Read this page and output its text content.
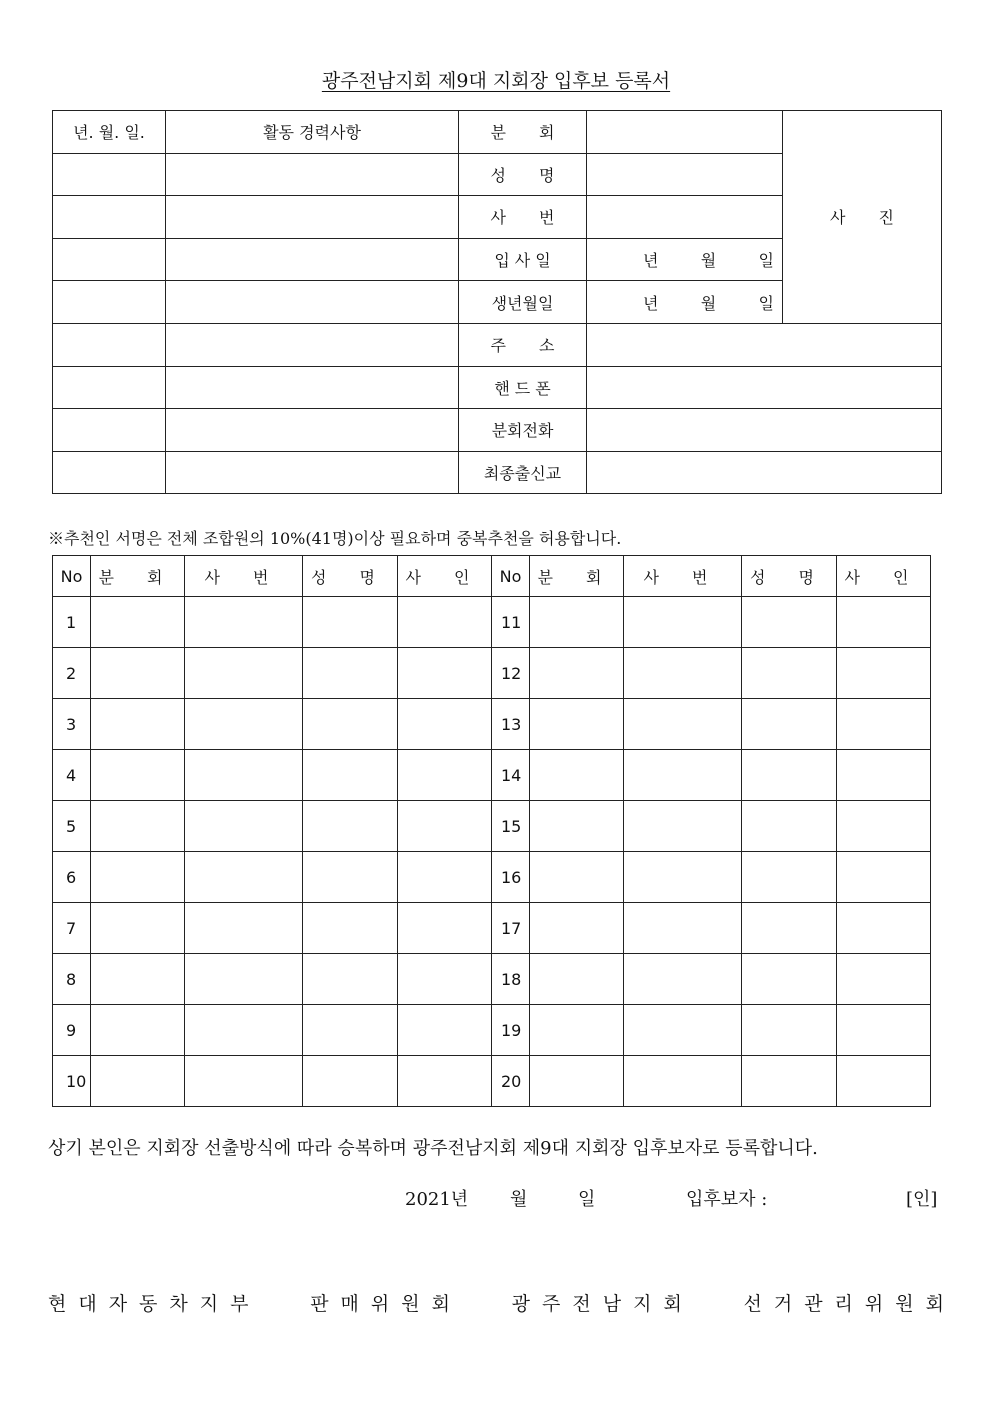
광주전남지회 제9대 지회장 입후보 등록서
년. 월. 일.	활동 경력사항	분 회		사 진
		성 명		
		사 번		
		입사일	년 월 일	

		생년월일	년 월 일	

		주 소		
		핸드폰		
		분회전화		
		최종출신교		
※추천인 서명은 전체 조합원의 10%(41명)이상 필요하며 중복추천을 허용합니다.
No	분 회	사 번	성 명	사 인	No	분 회	사 번	성 명	사 인
1					11				
2					12				
3					13				
4					14				
5					15				
6					16				
7					17				
8					18				
9					19				
10					20				
상기 본인은 지회장 선출방식에 따라 승복하며 광주전남지회 제9대 지회장 입후보자로 등록합니다.
2021년 월	일	입후보자 :	[인]
현대자동차지부	판매위원회	광주전남지회	선거관리위원회
